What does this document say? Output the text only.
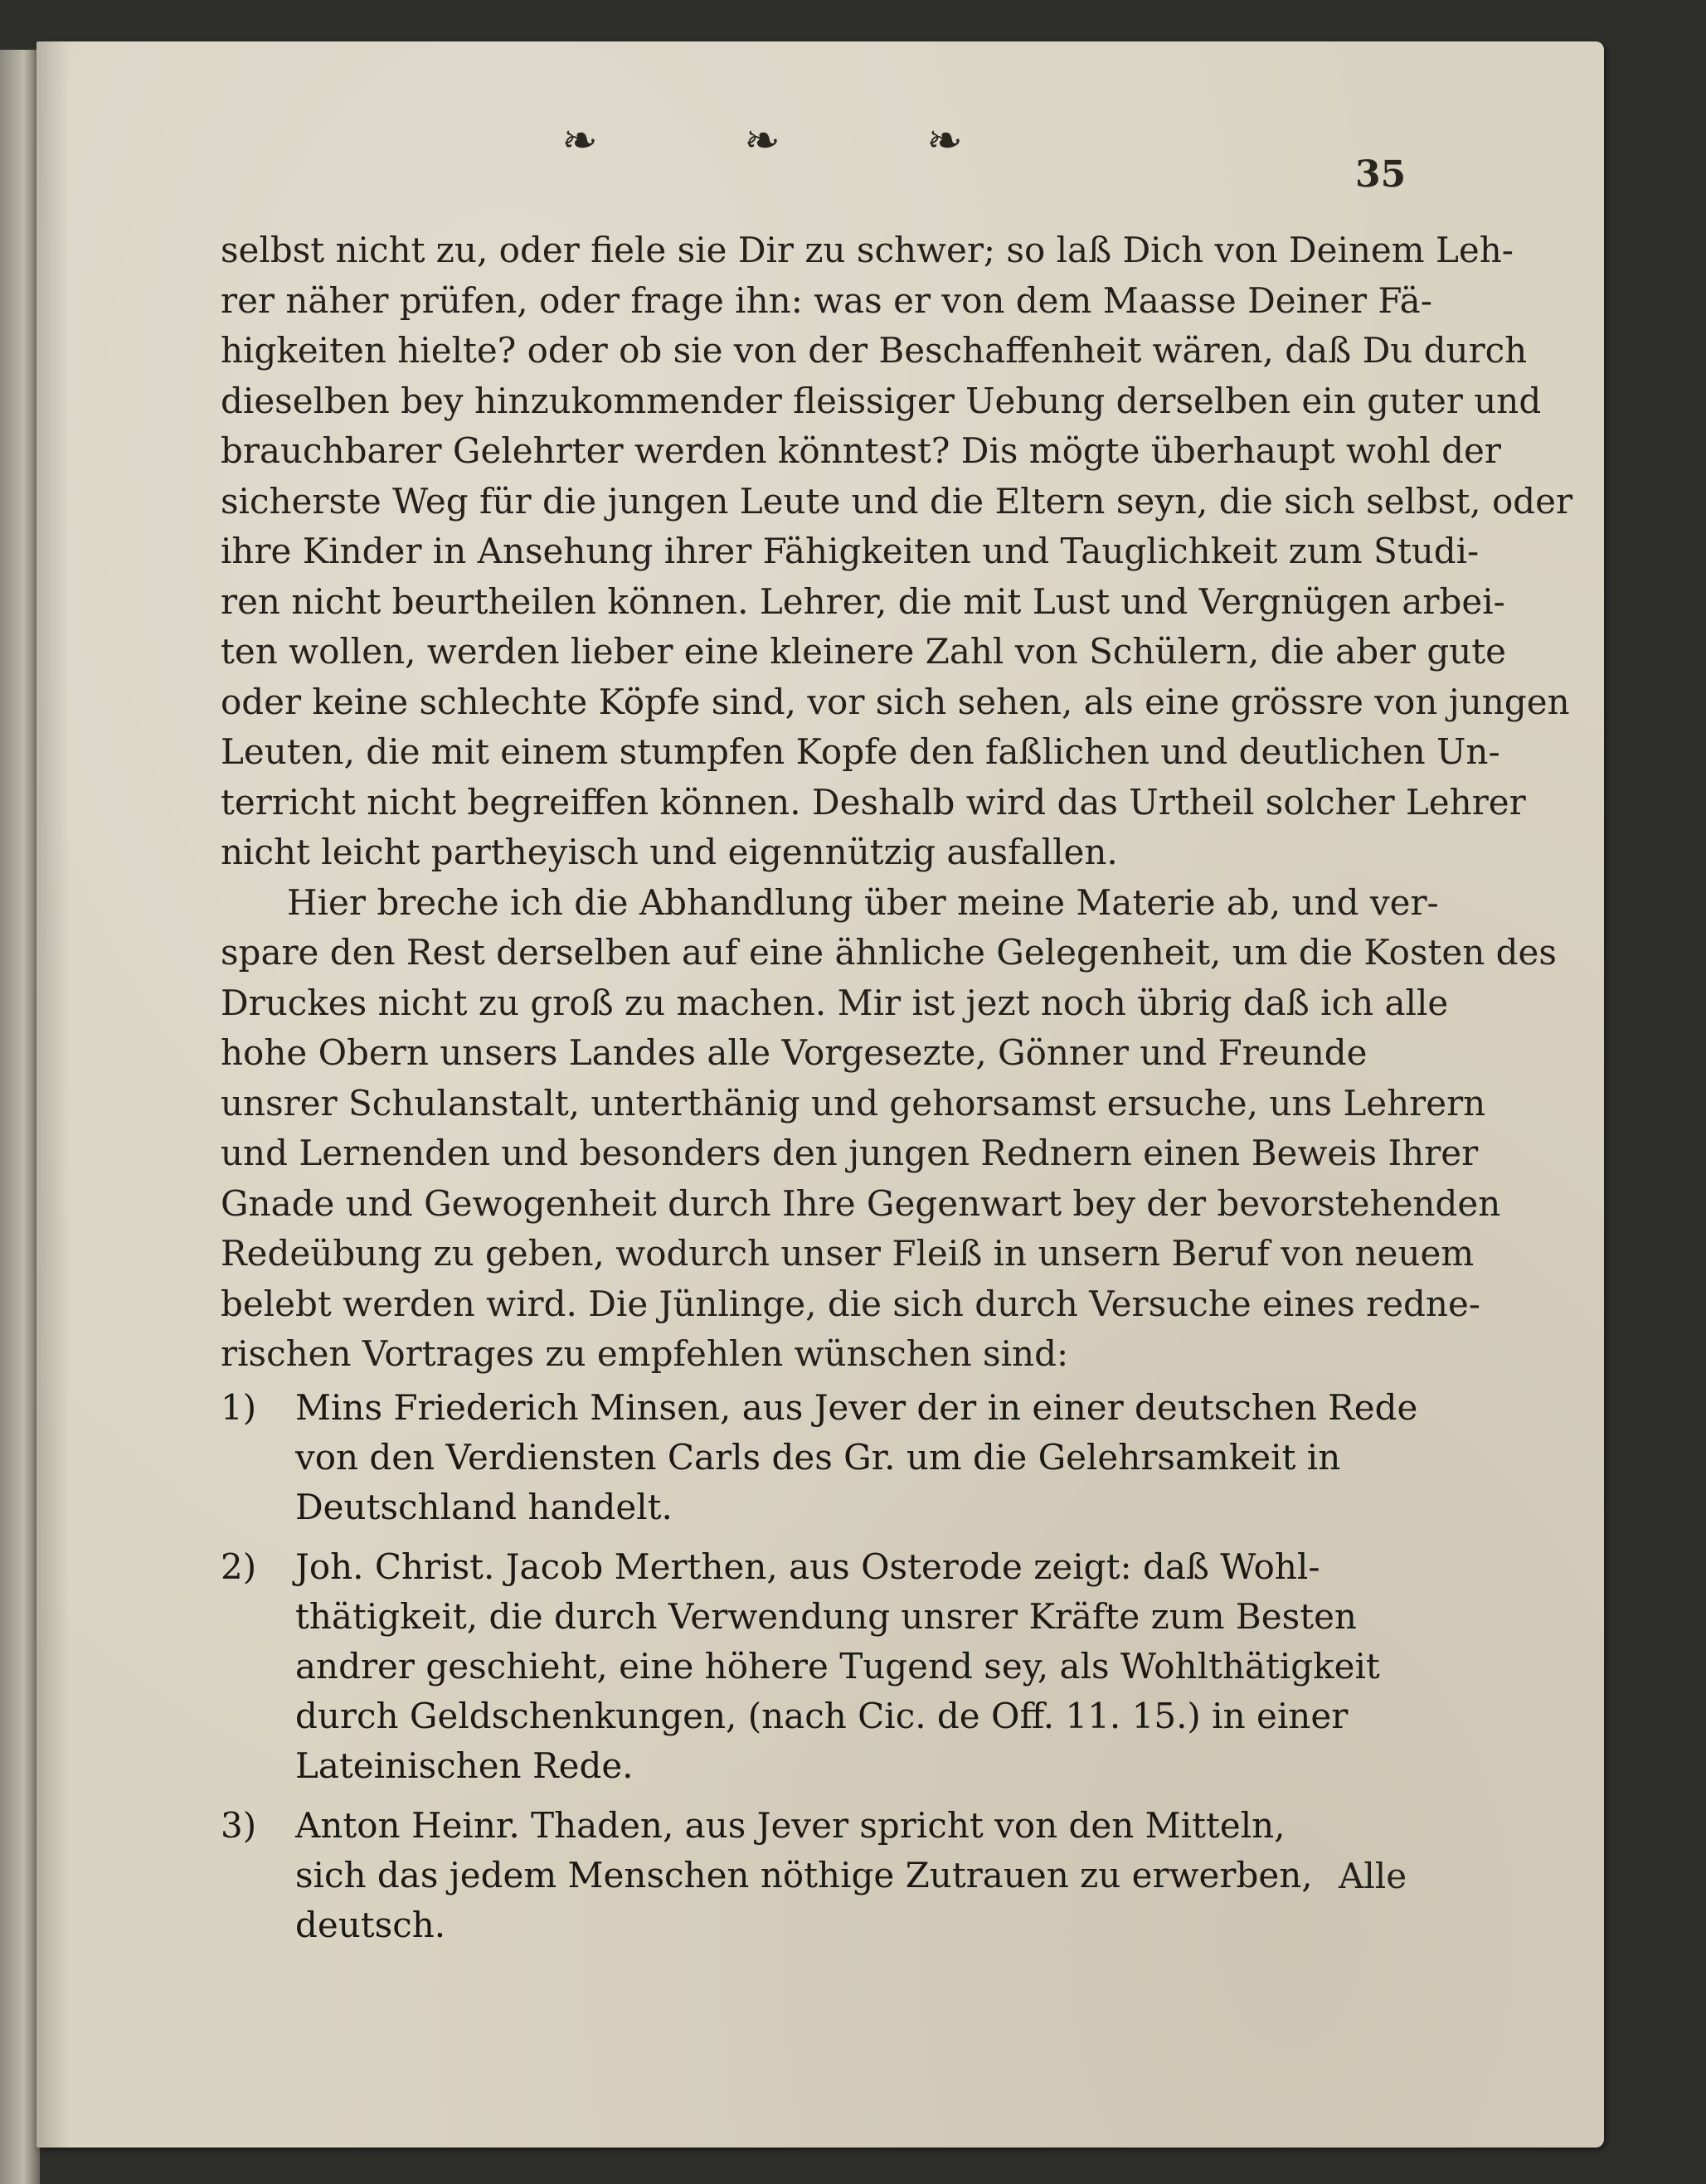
❧	❧	❧
35
selbst nicht zu, oder fiele sie Dir zu schwer; so laß Dich von Deinem Leh-
rer näher prüfen, oder frage ihn: was er von dem Maasse Deiner Fä-
higkeiten hielte? oder ob sie von der Beschaffenheit wären, daß Du durch
dieselben bey hinzukommender fleissiger Uebung derselben ein guter und
brauchbarer Gelehrter werden könntest? Dis mögte überhaupt wohl der
sicherste Weg für die jungen Leute und die Eltern seyn, die sich selbst, oder
ihre Kinder in Ansehung ihrer Fähigkeiten und Tauglichkeit zum Studi-
ren nicht beurtheilen können. Lehrer, die mit Lust und Vergnügen arbei-
ten wollen, werden lieber eine kleinere Zahl von Schülern, die aber gute
oder keine schlechte Köpfe sind, vor sich sehen, als eine grössre von jungen
Leuten, die mit einem stumpfen Kopfe den faßlichen und deutlichen Un-
terricht nicht begreiffen können. Deshalb wird das Urtheil solcher Lehrer
nicht leicht partheyisch und eigennützig ausfallen.
Hier breche ich die Abhandlung über meine Materie ab, und ver-
spare den Rest derselben auf eine ähnliche Gelegenheit, um die Kosten des
Druckes nicht zu groß zu machen. Mir ist jezt noch übrig daß ich alle
hohe Obern unsers Landes alle Vorgesezte, Gönner und Freunde
unsrer Schulanstalt, unterthänig und gehorsamst ersuche, uns Lehrern
und Lernenden und besonders den jungen Rednern einen Beweis Ihrer
Gnade und Gewogenheit durch Ihre Gegenwart bey der bevorstehenden
Redeübung zu geben, wodurch unser Fleiß in unsern Beruf von neuem
belebt werden wird. Die Jünlinge, die sich durch Versuche eines redne-
rischen Vortrages zu empfehlen wünschen sind:
1)	Mins Friederich Minsen, aus Jever der in einer deutschen Rede
von den Verdiensten Carls des Gr. um die Gelehrsamkeit in
Deutschland handelt.
2)	Joh. Christ. Jacob Merthen, aus Osterode zeigt: daß Wohl-
thätigkeit, die durch Verwendung unsrer Kräfte zum Besten
andrer geschieht, eine höhere Tugend sey, als Wohlthätigkeit
durch Geldschenkungen, (nach Cic. de Off. 11. 15.) in einer
Lateinischen Rede.
3)	Anton Heinr. Thaden, aus Jever spricht von den Mitteln,
sich das jedem Menschen nöthige Zutrauen zu erwerben,
deutsch.
Alle
